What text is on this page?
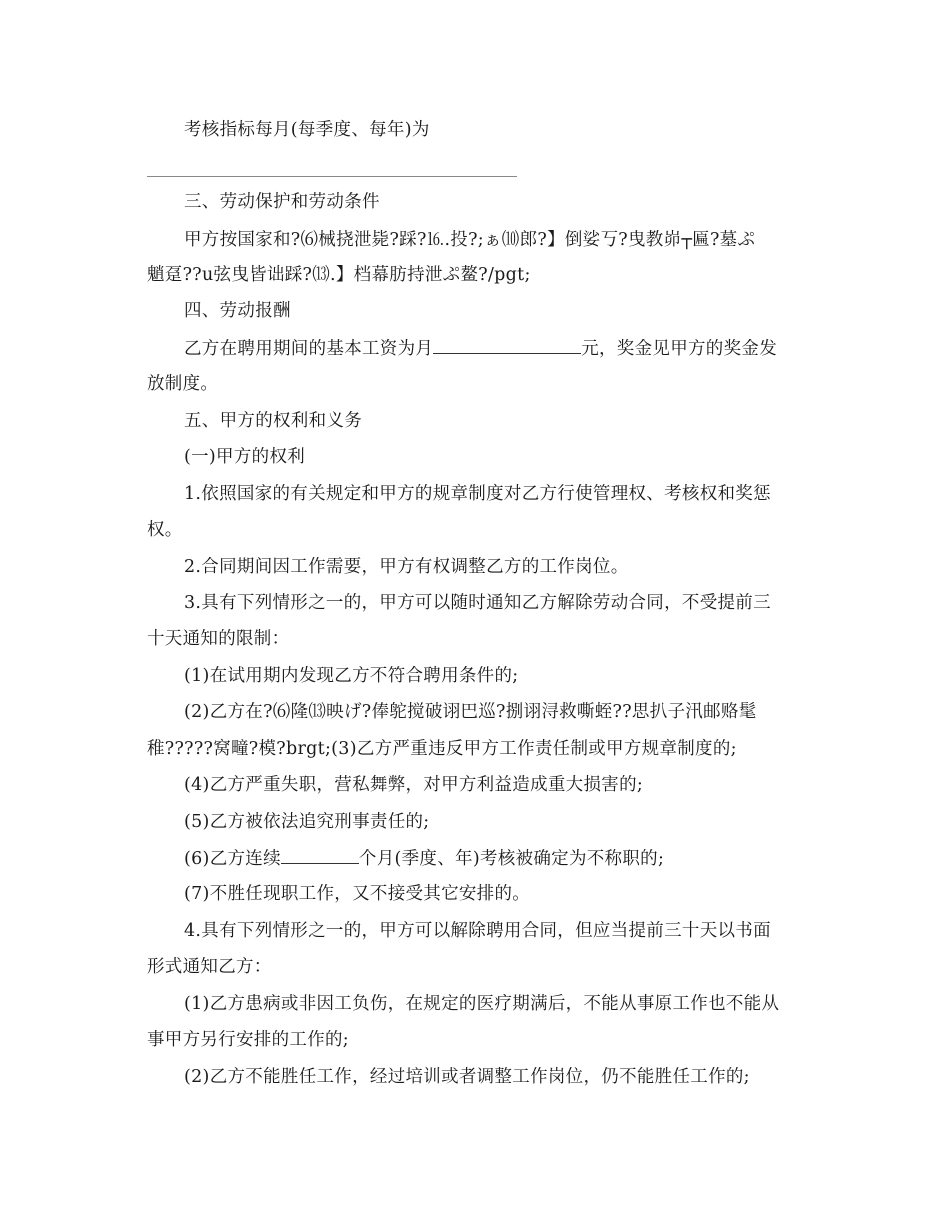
考核指标每月(每季度、每年)为
三、劳动保护和劳动条件
甲方按国家和?⑹械挠泄毙?踩?⒗.投?;ぁ⑽郎?】倒娑丂?曳教峁┬匾?墓ぷ
魈趸??u弦曳皆诎踩?⒀.】档幕肪持泄ぷ鳌?/pgt;
四、劳动报酬
乙方在聘用期间的基本工资为月	元，奖金见甲方的奖金发
放制度。
五、甲方的权利和义务
(一)甲方的权利
1.依照国家的有关规定和甲方的规章制度对乙方行使管理权、考核权和奖惩
权。
2.合同期间因工作需要，甲方有权调整乙方的工作岗位。
3.具有下列情形之一的，甲方可以随时通知乙方解除劳动合同，不受提前三
十天通知的限制：
(1)在试用期内发现乙方不符合聘用条件的;
(2)乙方在?⑹隆⒀映げ?俸鸵搅破诩巴巡?捌诩浔救嘶蛭??思扒子汛邮赂髦
稚?????窝疃?模?brgt;(3)乙方严重违反甲方工作责任制或甲方规章制度的;
(4)乙方严重失职，营私舞弊，对甲方利益造成重大损害的;
(5)乙方被依法追究刑事责任的;
(6)乙方连续	个月(季度、年)考核被确定为不称职的;
(7)不胜任现职工作，又不接受其它安排的。
4.具有下列情形之一的，甲方可以解除聘用合同，但应当提前三十天以书面
形式通知乙方：
(1)乙方患病或非因工负伤，在规定的医疗期满后，不能从事原工作也不能从
事甲方另行安排的工作的;
(2)乙方不能胜任工作，经过培训或者调整工作岗位，仍不能胜任工作的;
